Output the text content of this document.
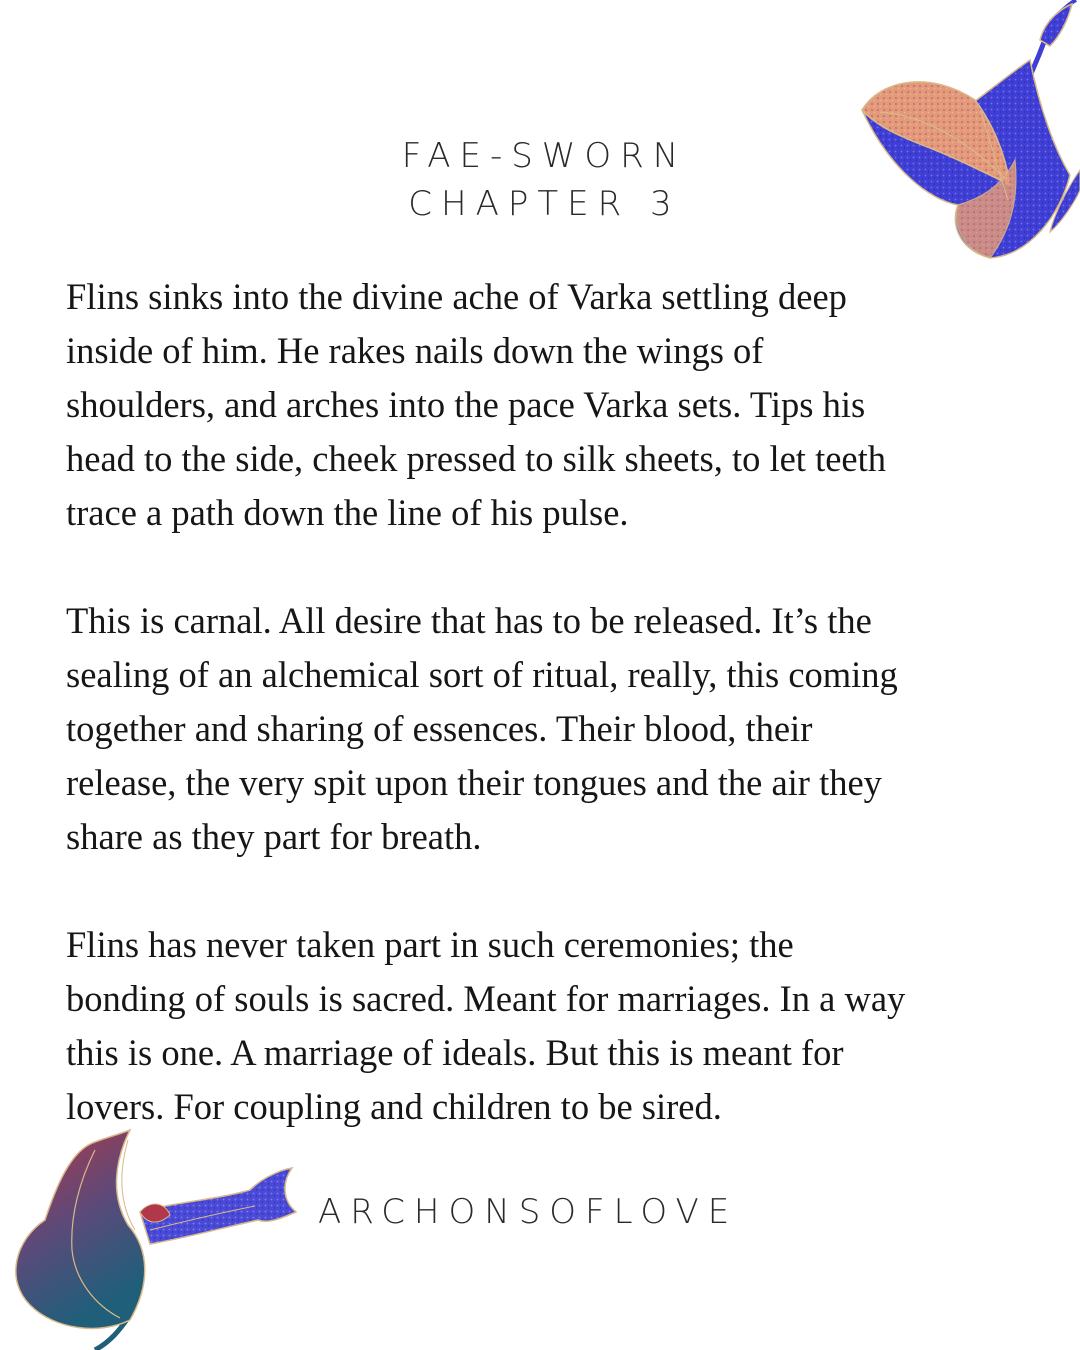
FAE-SWORN
CHAPTER 3

Flins sinks into the divine ache of Varka settling deep
inside of him. He rakes nails down the wings of
shoulders, and arches into the pace Varka sets. Tips his
head to the side, cheek pressed to silk sheets, to let teeth
trace a path down the line of his pulse.

This is carnal. All desire that has to be released. It’s the
sealing of an alchemical sort of ritual, really, this coming
together and sharing of essences. Their blood, their
release, the very spit upon their tongues and the air they
share as they part for breath.

Flins has never taken part in such ceremonies; the
bonding of souls is sacred. Meant for marriages. In a way
this is one. A marriage of ideals. But this is meant for
lovers. For coupling and children to be sired.

ARCHONSOFLOVE
